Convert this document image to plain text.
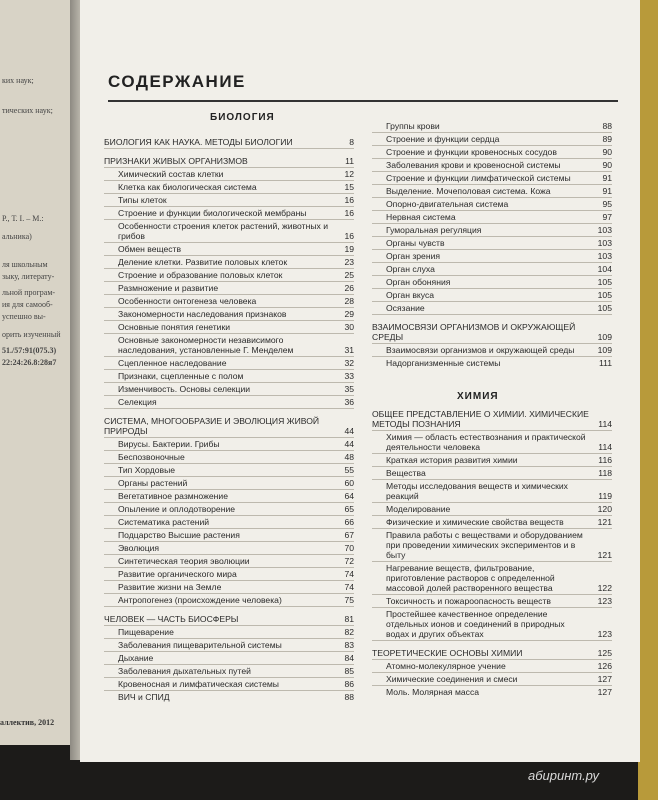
ких наук;
тических наук;
Р., Т. I. – М.:
альника)
ля школьным
зыку, литерату-
льной програм-
ия для самооб-
успешно вы-
орить изученный
51./57:91(075.3)
22:24:26.8:28я7
аллектив, 2012
СОДЕРЖАНИЕ
БИОЛОГИЯ
БИОЛОГИЯ КАК НАУКА. МЕТОДЫ БИОЛОГИИ	8
ПРИЗНАКИ ЖИВЫХ ОРГАНИЗМОВ	11
Химический состав клетки	12
Клетка как биологическая система	15
Типы клеток	16
Строение и функции биологической мембраны	16
Особенности строения клеток растений, животных и грибов	16
Обмен веществ	19
Деление клетки. Развитие половых клеток	23
Строение и образование половых клеток	25
Размножение и развитие	26
Особенности онтогенеза человека	28
Закономерности наследования признаков	29
Основные понятия генетики	30
Основные закономерности независимого наследования, установленные Г. Менделем	31
Сцепленное наследование	32
Признаки, сцепленные с полом	33
Изменчивость. Основы селекции	35
Селекция	36
СИСТЕМА, МНОГООБРАЗИЕ И ЭВОЛЮЦИЯ ЖИВОЙ ПРИРОДЫ	44
Вирусы. Бактерии. Грибы	44
Беспозвоночные	48
Тип Хордовые	55
Органы растений	60
Вегетативное размножение	64
Опыление и оплодотворение	65
Систематика растений	66
Подцарство Высшие растения	67
Эволюция	70
Синтетическая теория эволюции	72
Развитие органического мира	74
Развитие жизни на Земле	74
Антропогенез (происхождение человека)	75
ЧЕЛОВЕК — ЧАСТЬ БИОСФЕРЫ	81
Пищеварение	82
Заболевания пищеварительной системы	83
Дыхание	84
Заболевания дыхательных путей	85
Кровеносная и лимфатическая системы	86
ВИЧ и СПИД	88
Группы крови	88
Строение и функции сердца	89
Строение и функции кровеносных сосудов	90
Заболевания крови и кровеносной системы	90
Строение и функции лимфатической системы	91
Выделение. Мочеполовая система. Кожа	91
Опорно-двигательная система	95
Нервная система	97
Гуморальная регуляция	103
Органы чувств	103
Орган зрения	103
Орган слуха	104
Орган обоняния	105
Орган вкуса	105
Осязание	105
ВЗАИМОСВЯЗИ ОРГАНИЗМОВ И ОКРУЖАЮЩЕЙ СРЕДЫ	109
Взаимосвязи организмов и окружающей среды	109
Надорганизменные системы	111
ХИМИЯ
ОБЩЕЕ ПРЕДСТАВЛЕНИЕ О ХИМИИ. ХИМИЧЕСКИЕ МЕТОДЫ ПОЗНАНИЯ	114
Химия — область естествознания и практической деятельности человека	114
Краткая история развития химии	116
Вещества	118
Методы исследования веществ и химических реакций	119
Моделирование	120
Физические и химические свойства веществ	121
Правила работы с веществами и оборудованием при проведении химических экспериментов и в быту	121
Нагревание веществ, фильтрование, приготовление растворов с определенной массовой долей растворенного вещества	122
Токсичность и пожароопасность веществ	123
Простейшее качественное определение отдельных ионов и соединений в природных водах и других объектах	123
ТЕОРЕТИЧЕСКИЕ ОСНОВЫ ХИМИИ	125
Атомно-молекулярное учение	126
Химические соединения и смеси	127
Моль. Молярная масса	127
абиринт.ру
